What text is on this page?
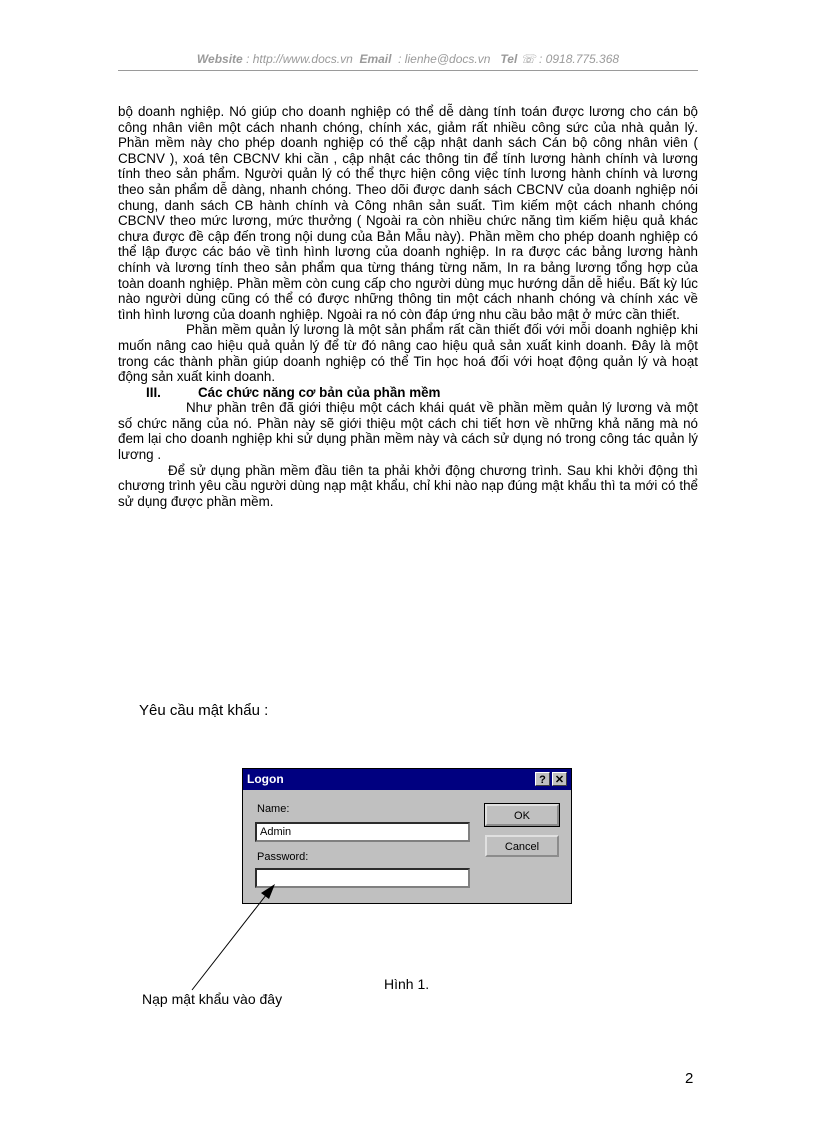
Website : http://www.docs.vn Email : lienhe@docs.vn Tel ☏ : 0918.775.368

bộ doanh nghiệp. Nó giúp cho doanh nghiệp có thể dễ dàng tính toán được lương cho cán bộ công nhân viên một cách nhanh chóng, chính xác, giảm rất nhiều công sức của nhà quản lý. Phần mềm này cho phép doanh nghiệp có thể cập nhật danh sách Cán bộ công nhân viên ( CBCNV ), xoá tên CBCNV khi cần , cập nhật các thông tin để tính lương hành chính và lương tính theo sản phẩm. Người quản lý có thể thực hiện công việc tính lương hành chính và lương theo sản phẩm dễ dàng, nhanh chóng. Theo dõi được danh sách CBCNV của doanh nghiệp nói chung, danh sách CB hành chính và Công nhân sản suất. Tìm kiếm một cách nhanh chóng CBCNV theo mức lương, mức thưởng ( Ngoài ra còn nhiều chức năng tìm kiếm hiệu quả khác chưa được đề cập đến trong nội dung của Bản Mẫu này). Phần mềm cho phép doanh nghiệp có thể lập được các báo về tình hình lương của doanh nghiệp. In ra được các bảng lương hành chính và lương tính theo sản phẩm qua từng tháng từng năm, In ra bảng lương tổng hợp của toàn doanh nghiệp. Phần mềm còn cung cấp cho người dùng mục hướng dẫn dễ hiểu. Bất kỳ lúc nào người dùng cũng có thể có được những thông tin một cách nhanh chóng và chính xác về tình hình lương của doanh nghiệp. Ngoài ra nó còn đáp ứng nhu cầu bảo mật ở mức cần thiết.

Phần mềm quản lý lương là một sản phẩm rất cần thiết đối với mỗi doanh nghiệp khi muốn nâng cao hiệu quả quản lý để từ đó nâng cao hiệu quả sản xuất kinh doanh. Đây là một trong các thành phần giúp doanh nghiệp có thể Tin học hoá đối với hoạt động quản lý và hoạt động sản xuất kinh doanh.

III.	Các chức năng cơ bản của phần mềm

Như phần trên đã giới thiệu một cách khái quát về phần mềm quản lý lương và một số chức năng của nó. Phần này sẽ giới thiệu một cách chi tiết hơn về những khả năng mà nó đem lại cho doanh nghiệp khi sử dụng phần mềm này và cách sử dụng nó trong công tác quản lý lương .

Để sử dụng phần mềm đầu tiên ta phải khởi động chương trình. Sau khi khởi động thì chương trình yêu cầu người dùng nạp mật khẩu, chỉ khi nào nạp đúng mật khẩu thì ta mới có thể sử dụng được phần mềm.

Yêu cầu mật khẩu :
Logon	? ✕
Name:
Admin
Password:
OK
Cancel
Hình 1.
Nạp mật khẩu vào đây
2
